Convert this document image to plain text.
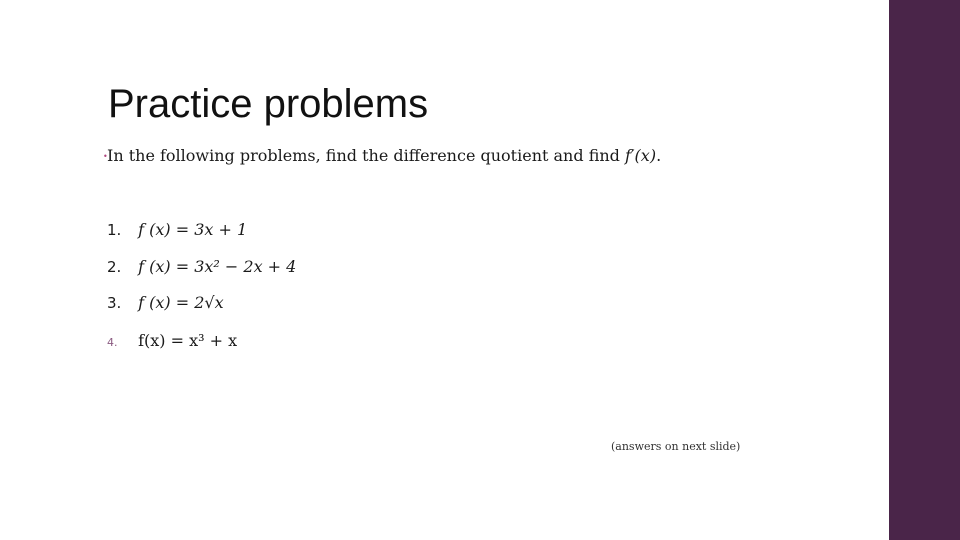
Practice problems
• In the following problems, find the difference quotient and find f′(x).
1. f (x) = 3x + 1
2. f (x) = 3x² − 2x + 4
3. f (x) = 2√x
4. f(x) = x³ + x
(answers on next slide)
